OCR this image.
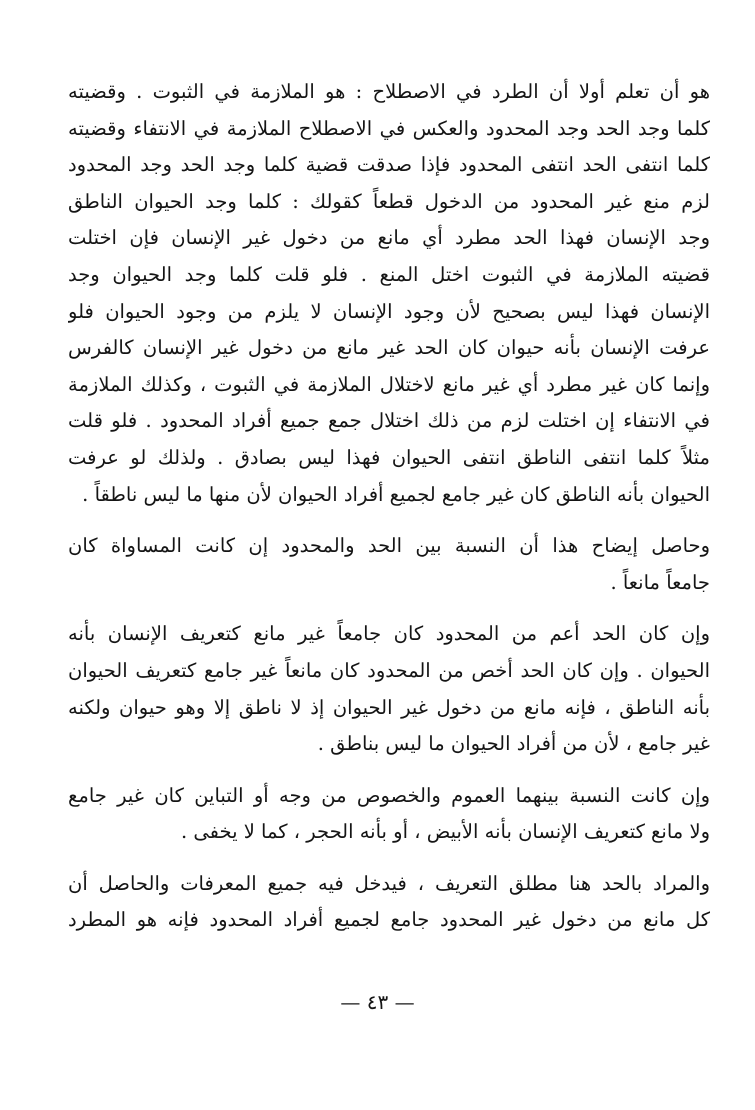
هو أن تعلم أولا أن الطرد في الاصطلاح : هو الملازمة في الثبوت . وقضيته
كلما وجد الحد وجد المحدود والعكس في الاصطلاح الملازمة في الانتفاء وقضيته
كلما انتفى الحد انتفى المحدود فإذا صدقت قضية كلما وجد الحد وجد المحدود
لزم منع غير المحدود من الدخول قطعاً كقولك : كلما وجد الحيوان الناطق
وجد الإنسان فهذا الحد مطرد أي مانع من دخول غير الإنسان فإن اختلت
قضيته الملازمة في الثبوت اختل المنع . فلو قلت كلما وجد الحيوان وجد
الإنسان فهذا ليس بصحيح لأن وجود الإنسان لا يلزم من وجود الحيوان فلو
عرفت الإنسان بأنه حيوان كان الحد غير مانع من دخول غير الإنسان كالفرس
وإنما كان غير مطرد أي غير مانع لاختلال الملازمة في الثبوت ، وكذلك الملازمة
في الانتفاء إن اختلت لزم من ذلك اختلال جمع جميع أفراد المحدود . فلو قلت
مثلاً كلما انتفى الناطق انتفى الحيوان فهذا ليس بصادق . ولذلك لو عرفت
الحيوان بأنه الناطق كان غير جامع لجميع أفراد الحيوان لأن منها ما ليس ناطقاً .
وحاصل إيضاح هذا أن النسبة بين الحد والمحدود إن كانت المساواة كان
جامعاً مانعاً .
وإن كان الحد أعم من المحدود كان جامعاً غير مانع كتعريف الإنسان بأنه
الحيوان . وإن كان الحد أخص من المحدود كان مانعاً غير جامع كتعريف الحيوان
بأنه الناطق ، فإنه مانع من دخول غير الحيوان إذ لا ناطق إلا وهو حيوان ولكنه
غير جامع ، لأن من أفراد الحيوان ما ليس بناطق .
وإن كانت النسبة بينهما العموم والخصوص من وجه أو التباين كان غير جامع
ولا مانع كتعريف الإنسان بأنه الأبيض ، أو بأنه الحجر ، كما لا يخفى .
والمراد بالحد هنا مطلق التعريف ، فيدخل فيه جميع المعرفات والحاصل أن
كل مانع من دخول غير المحدود جامع لجميع أفراد المحدود فإنه هو المطرد
— ٤٣ —
